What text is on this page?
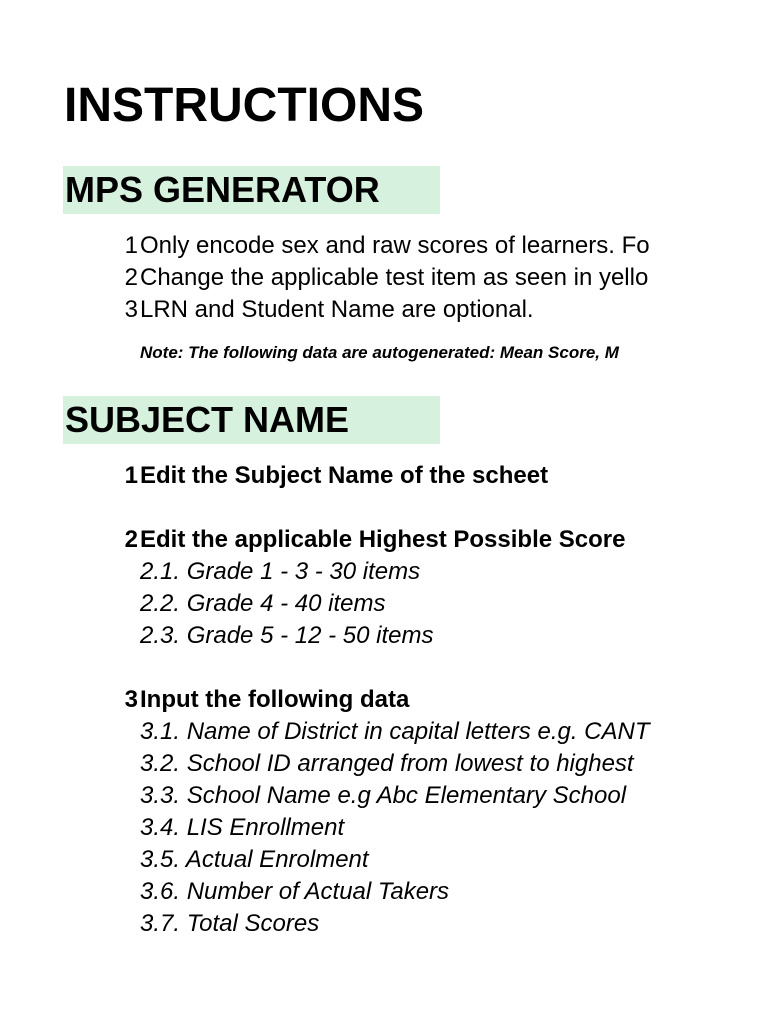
INSTRUCTIONS
MPS GENERATOR
1 Only encode sex and raw scores of learners. Fo
2 Change the applicable test item as seen in yello
3 LRN and Student Name are optional.
Note: The following data are autogenerated: Mean Score, M
SUBJECT NAME
1 Edit the Subject Name of the scheet
2 Edit the applicable Highest Possible Score
2.1. Grade 1 - 3 - 30 items
2.2. Grade 4 - 40 items
2.3. Grade 5 - 12 - 50 items
3 Input the following data
3.1. Name of District in capital letters e.g. CANT
3.2. School ID arranged from lowest to highest
3.3. School Name e.g Abc Elementary School
3.4. LIS Enrollment
3.5. Actual Enrolment
3.6. Number of Actual Takers
3.7. Total Scores
